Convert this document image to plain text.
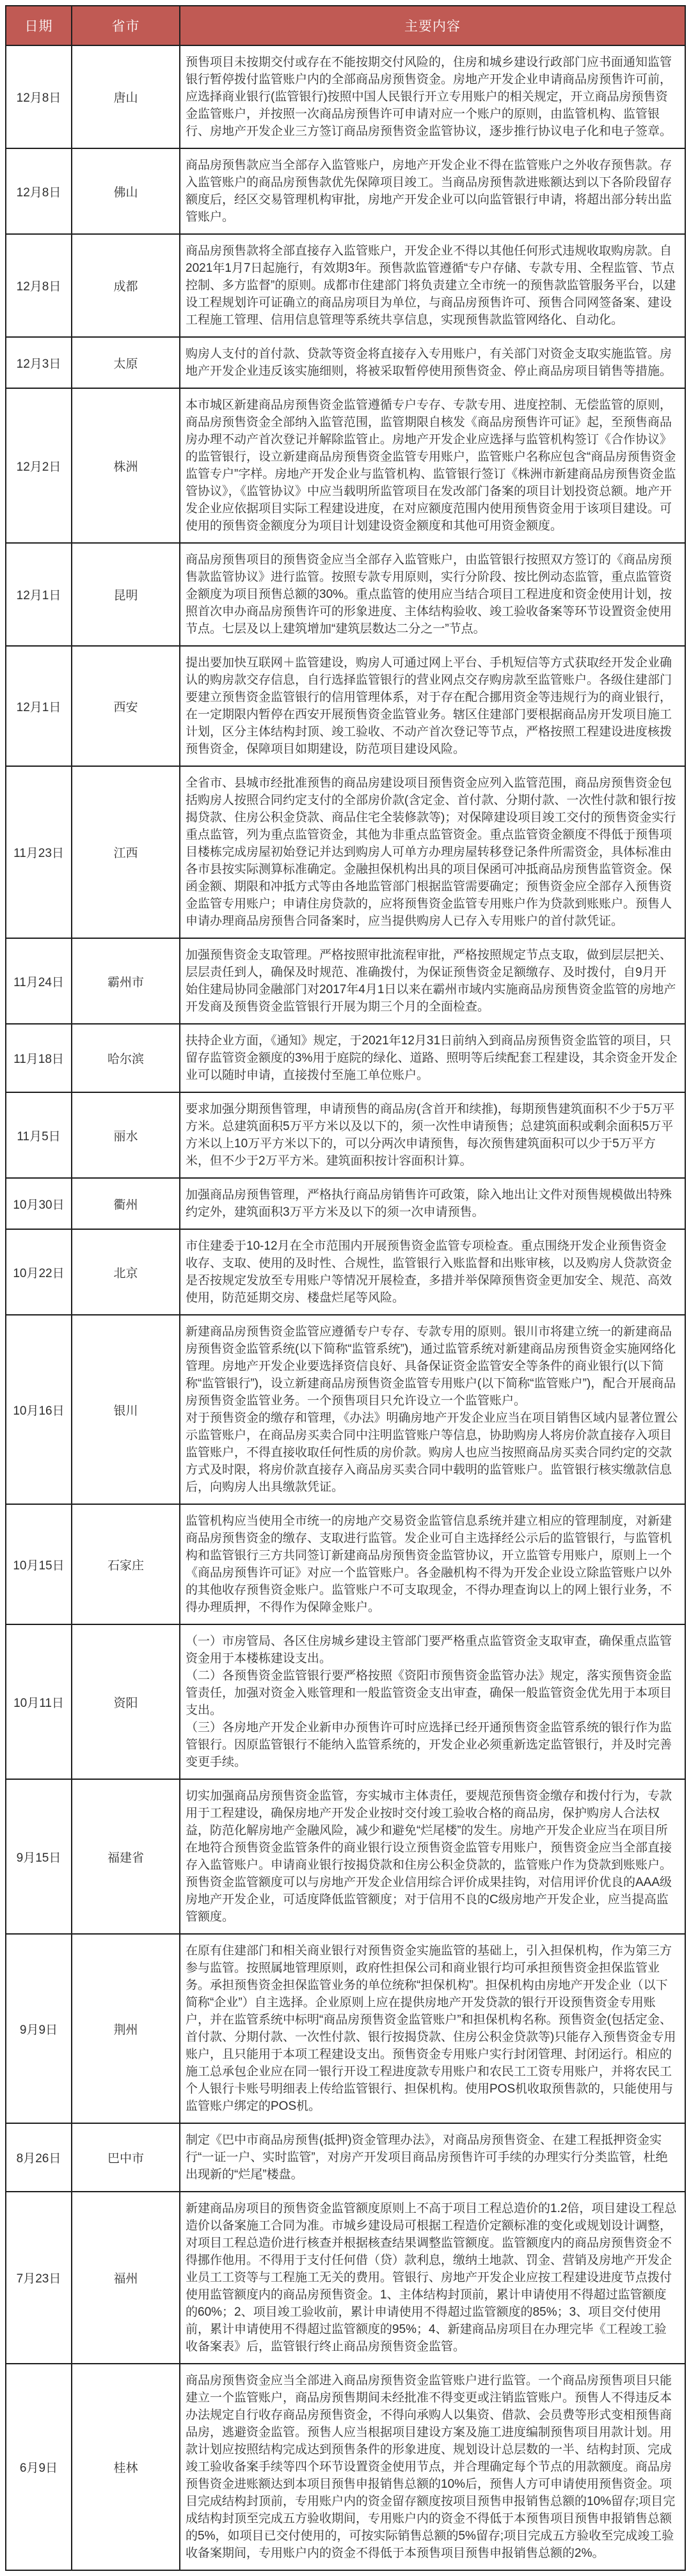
日期	省市	主要内容
12月8日	唐山	预售项目未按期交付或存在不能按期交付风险的，住房和城乡建设行政部门应书面通知监管银行暂停拨付监管账户内的全部商品房预售资金。房地产开发企业申请商品房预售许可前，应选择商业银行(监管银行)按照中国人民银行开立专用账户的相关规定，开立商品房预售资金监管账户，并按照一次商品房预售许可申请对应一个账户的原则，由监管机构、监管银行、房地产开发企业三方签订商品房预售资金监管协议，逐步推行协议电子化和电子签章。

12月8日	佛山	商品房预售款应当全部存入监管账户，房地产开发企业不得在监管账户之外收存预售款。存入监管账户的商品房预售款优先保障项目竣工。当商品房预售款进账额达到以下各阶段留存额度后，经区交易管理机构审批，房地产开发企业可以向监管银行申请，将超出部分转出监管账户。

12月8日	成都	商品房预售款将全部直接存入监管账户，开发企业不得以其他任何形式违规收取购房款。自2021年1月7日起施行，有效期3年。预售款监管遵循“专户存储、专款专用、全程监管、节点控制、多方监督”的原则。成都市住建部门将负责建立全市统一的预售款监管服务平台，以建设工程规划许可证确立的商品房项目为单位，与商品房预售许可、预售合同网签备案、建设工程施工管理、信用信息管理等系统共享信息，实现预售款监管网络化、自动化。

12月3日	太原	购房人支付的首付款、贷款等资金将直接存入专用账户，有关部门对资金支取实施监管。房地产开发企业违反该实施细则，将被采取暂停使用预售资金、停止商品房项目销售等措施。

12月2日	株洲	本市城区新建商品房预售资金监管遵循专户专存、专款专用、进度控制、无偿监管的原则，商品房预售资金全部纳入监管范围，监管期限自核发《商品房预售许可证》起，至预售商品房办理不动产首次登记并解除监管止。房地产开发企业应选择与监管机构签订《合作协议》的监管银行，设立新建商品房预售资金监管专用账户，监管账户名称应包含“商品房预售资金监管专户”字样。房地产开发企业与监管机构、监管银行签订《株洲市新建商品房预售资金监管协议》，《监管协议》中应当载明所监管项目在发改部门备案的项目计划投资总额。地产开发企业应依据项目实际工程建设进度，在对应额度范围内使用预售资金用于该项目建设。可使用的预售资金额度分为项目计划建设资金额度和其他可用资金额度。

12月1日	昆明	商品房预售项目的预售资金应当全部存入监管账户，由监管银行按照双方签订的《商品房预售款监管协议》进行监管。按照专款专用原则，实行分阶段、按比例动态监管，重点监管资金额度为项目预售总额的30%。重点监管的使用应当结合项目工程进度和资金使用计划，按照首次申办商品房预售许可的形象进度、主体结构验收、竣工验收备案等环节设置资金使用节点。七层及以上建筑增加“建筑层数达二分之一”节点。

12月1日	西安	提出要加快互联网＋监管建设，购房人可通过网上平台、手机短信等方式获取经开发企业确认的购房款交存信息，自行选择监管银行的营业网点交存购房款至监管账户。各级住建部门要建立预售资金监管银行的信用管理体系，对于存在配合挪用资金等违规行为的商业银行，在一定期限内暂停在西安开展预售资金监管业务。辖区住建部门要根据商品房开发项目施工计划，区分主体结构封顶、竣工验收、不动产首次登记等节点，严格按照工程建设进度核拨预售资金，保障项目如期建设，防范项目建设风险。

11月23日	江西	全省市、县城市经批准预售的商品房建设项目预售资金应列入监管范围，商品房预售资金包括购房人按照合同约定支付的全部房价款(含定金、首付款、分期付款、一次性付款和银行按揭贷款、住房公积金贷款、商品住宅全装修款等)；对保障建设项目竣工交付的预售资金实行重点监管，列为重点监管资金，其他为非重点监管资金。重点监管资金额度不得低于预售项目楼栋完成房屋初始登记并达到购房人可单方办理房屋转移登记条件所需资金，具体标准由各市县按实际测算标准确定。金融担保机构出具的项目保函可冲抵商品房预售监管资金。保函金额、期限和冲抵方式等由各地监管部门根据监管需要确定；预售资金应全部存入预售资金监管专用账户；申请住房贷款的，应将预售资金监管专用账户作为贷款到账账户。预售人申请办理商品房预售合同备案时，应当提供购房人已存入专用账户的首付款凭证。

11月24日	霸州市	加强预售资金支取管理。严格按照审批流程审批，严格按照规定节点支取，做到层层把关、层层责任到人，确保及时规范、准确拨付，为保证预售资金足额缴存、及时拨付，自9月开始住建局协同金融部门对2017年4月1日以来在霸州市域内实施商品房预售资金监管的房地产开发商及预售资金监管银行开展为期三个月的全面检查。

11月18日	哈尔滨	扶持企业方面，《通知》规定，于2021年12月31日前纳入到商品房预售资金监管的项目，只留存监管资金额度的3%用于庭院的绿化、道路、照明等后续配套工程建设，其余资金开发企业可以随时申请，直接拨付至施工单位账户。

11月5日	丽水	要求加强分期预售管理，申请预售的商品房(含首开和续推)，每期预售建筑面积不少于5万平方米。总建筑面积5万平方米以及以下的，须一次性申请预售；总建筑面积或剩余面积5万平方米以上10万平方米以下的，可以分两次申请预售，每次预售建筑面积可以少于5万平方米，但不少于2万平方米。建筑面积按计容面积计算。

10月30日	衢州	加强商品房预售管理，严格执行商品房销售许可政策，除入地出让文件对预售规模做出特殊约定外，建筑面积3万平方米及以下的须一次申请预售。

10月22日	北京	市住建委于10-12月在全市范围内开展预售资金监管专项检查。重点围绕开发企业预售资金收存、支取、使用的及时性、合规性，监管银行入账监督和出账审核，以及购房人贷款资金是否按规定发放至专用账户等情况开展检查，多措并举保障预售资金更加安全、规范、高效使用，防范延期交房、楼盘烂尾等风险。

10月16日	银川	新建商品房预售资金监管应遵循专户专存、专款专用的原则。银川市将建立统一的新建商品房预售资金监管系统(以下简称“监管系统”)，通过监管系统对新建商品房预售资金实施网络化管理。房地产开发企业要选择资信良好、具备保证资金监管安全等条件的商业银行(以下简称“监管银行”)，设立新建商品房预售资金监管专用账户(以下简称“监管账户”)，配合开展商品房预售资金监管业务。一个预售项目只允许设立一个监管账户。

对于预售资金的缴存和管理，《办法》明确房地产开发企业应当在项目销售区域内显著位置公示监管账户，在商品房买卖合同中注明监管账户等信息，协助购房人将房价款直接存入项目监管账户，不得直接收取任何性质的房价款。购房人也应当按照商品房买卖合同约定的交款方式及时限，将房价款直接存入商品房买卖合同中载明的监管账户。监管银行核实缴款信息后，向购房人出具缴款凭证。

10月15日	石家庄	监管机构应当使用全市统一的房地产交易资金监管信息系统并建立相应的管理制度，对新建商品房预售资金的缴存、支取进行监管。发企业可自主选择经公示后的监管银行，与监管机构和监管银行三方共同签订新建商品房预售资金监管协议，开立监管专用账户，原则上一个《商品房预售许可证》对应一个监管账户。各金融机构不得为开发企业设立除监管账户以外的其他收存预售资金账户。监管账户不可支取现金，不得办理查询以上的网上银行业务，不得办理质押，不得作为保障金账户。

10月11日	资阳	（一）市房管局、各区住房城乡建设主管部门要严格重点监管资金支取审查，确保重点监管资金用于本楼栋建设支出。

（二）各预售资金监管银行要严格按照《资阳市预售资金监管办法》规定，落实预售资金监管责任，加强对资金入账管理和一般监管资金支出审查，确保一般监管资金优先用于本项目支出。

（三）各房地产开发企业新申办预售许可时应选择已经开通预售资金监管系统的银行作为监管银行。因原监管银行不能纳入监管系统的，开发企业必须重新选定监管银行，并及时完善变更手续。

9月15日	福建省	切实加强商品房预售资金监管，夯实城市主体责任，要规范预售资金缴存和拨付行为，专款用于工程建设，确保房地产开发企业按时交付竣工验收合格的商品房，保护购房人合法权益，防范化解房地产金融风险，减少和避免“烂尾楼”的发生。房地产开发企业应当在项目所在地符合预售资金监管条件的商业银行设立预售资金监管专用账户，预售资金应当全部直接存入监管账户。申请商业银行按揭贷款和住房公积金贷款的，监管账户作为贷款到账账户。预售资金监管额度可以与房地产开发企业信用综合评价成果挂钩，对信用评价优良的AAA级房地产开发企业，可适度降低监管额度；对于信用不良的C级房地产开发企业，应当提高监管额度。

9月9日	荆州	在原有住建部门和相关商业银行对预售资金实施监管的基础上，引入担保机构，作为第三方参与监管。按照属地管理原则，政府性担保公司和商业银行均可承担预售资金担保监管业务。承担预售资金担保监管业务的单位统称“担保机构”。担保机构由房地产开发企业（以下简称“企业”）自主选择。企业原则上应在提供房地产开发贷款的银行开设预售资金专用账户，并在监管系统中标明“商品房预售资金监管账户”和担保机构名称。预售资金(包括定金、首付款、分期付款、一次性付款、银行按揭贷款、住房公积金贷款等)只能存入预售资金专用账户，且只能用于本项工程建设支出。预售资金专用账户实行封闭管理、封闭运行。相应的施工总承包企业应在同一银行开设工程进度款专用账户和农民工工资专用账户，并将农民工个人银行卡账号明细表上传给监管银行、担保机构。使用POS机收取预售款的，只能使用与监管账户绑定的POS机。

8月26日	巴中市	制定《巴中市商品房预售(抵押)资金管理办法》，对商品房预售资金、在建工程抵押资金实行“一证一户、实时监管”，对房产开发项目商品房预售许可手续的办理实行分类监管，杜绝出现新的“烂尾”楼盘。

7月23日	福州	新建商品房项目的预售资金监管额度原则上不高于项目工程总造价的1.2倍，项目建设工程总造价以备案施工合同为准。市城乡建设局可根据工程造价定额标准的变化或规划设计调整，对项目工程总造价进行核查并根据核查结果调整监管额度。监管额度内的商品房预售资金不得挪作他用。不得用于支付任何借（贷）款利息，缴纳土地款、罚金、营销及房地产开发企业员工工资等与工程施工无关的费用。管银行、房地产开发企业应按工程建设进度节点拨付使用监管额度内的商品房预售资金。1、主体结构封顶前，累计申请使用不得超过监管额度的60%；2、项目竣工验收前，累计申请使用不得超过监管额度的85%；3、项目交付使用前，累计申请使用不得超过监管额度的95%；4、新建商品房项目在办理完毕《工程竣工验收备案表》后，监管银行终止商品房预售资金监管。

6月9日	桂林	商品房预售资金应当全部进入商品房预售资金监管账户进行监管。一个商品房预售项目只能建立一个监管账户，商品房预售期间未经批准不得变更或注销监管账户。预售人不得违反本办法规定自行收存商品房预售资金，不得向承购人以集资、借款、会员费等形式变相预售商品房，逃避资金监管。预售人应当根据项目建设方案及施工进度编制预售项目用款计划。用款计划应按照结构完成达到预售条件的形象进度、规划设计总层数的一半、结构封顶、完成竣工验收备案手续等四个环节设置资金使用节点，并合理确定每个节点的用款额度。商品房预售资金进账额达到本项目预售申报销售总额的10%后，预售人方可申请使用预售资金。项目完成结构封顶前，专用账户内的资金留存额度按项目预售申报销售总额的10%留存;项目完成结构封顶至完成五方验收期间，专用账户内的资金不得低于本预售项目预售申报销售总额的5%，如项目已交付使用的，可按实际销售总额的5%留存;项目完成五方验收至完成竣工验收备案期间，专用账户内的资金不得低于本预售项目预售申报销售总额的2%。
